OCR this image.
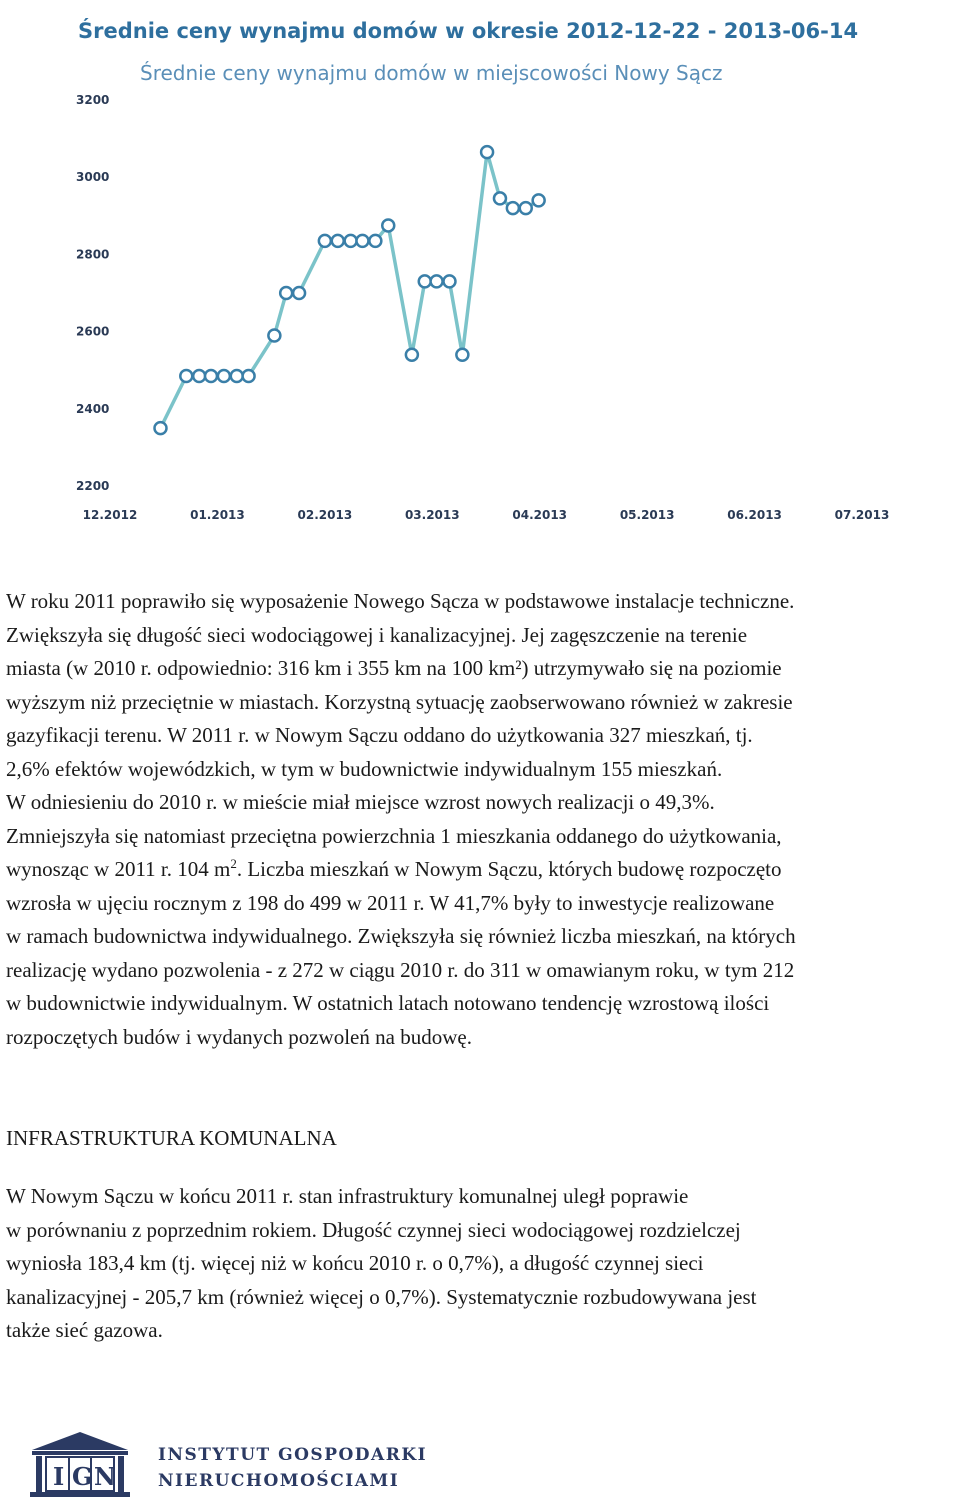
Średnie ceny wynajmu domów w okresie 2012-12-22 - 2013-06-14
Średnie ceny wynajmu domów w miejscowości Nowy Sącz
3200
3000
2800
2600
2400
2200
12.2012	01.2013	02.2013	03.2013	04.2013	05.2013	06.2013	07.2013
W roku 2011 poprawiło się wyposażenie Nowego Sącza w podstawowe instalacje techniczne.
Zwiększyła się długość sieci wodociągowej i kanalizacyjnej. Jej zagęszczenie na terenie
miasta (w 2010 r. odpowiednio: 316 km i 355 km na 100 km²) utrzymywało się na poziomie
wyższym niż przeciętnie w miastach. Korzystną sytuację zaobserwowano również w zakresie
gazyfikacji terenu. W 2011 r. w Nowym Sączu oddano do użytkowania 327 mieszkań, tj.
2,6% efektów wojewódzkich, w tym w budownictwie indywidualnym 155 mieszkań.
W odniesieniu do 2010 r. w mieście miał miejsce wzrost nowych realizacji o 49,3%.
Zmniejszyła się natomiast przeciętna powierzchnia 1 mieszkania oddanego do użytkowania,
wynosząc w 2011 r. 104 $m^2$. Liczba mieszkań w Nowym Sączu, których budowę rozpoczęto
wzrosła w ujęciu rocznym z 198 do 499 w 2011 r. W 41,7% były to inwestycje realizowane
w ramach budownictwa indywidualnego. Zwiększyła się również liczba mieszkań, na których
realizację wydano pozwolenia - z 272 w ciągu 2010 r. do 311 w omawianym roku, w tym 212
w budownictwie indywidualnym. W ostatnich latach notowano tendencję wzrostową ilości
rozpoczętych budów i wydanych pozwoleń na budowę.
INFRASTRUKTURA KOMUNALNA
W Nowym Sączu w końcu 2011 r. stan infrastruktury komunalnej uległ poprawie
w porównaniu z poprzednim rokiem. Długość czynnej sieci wodociągowej rozdzielczej
wyniosła 183,4 km (tj. więcej niż w końcu 2010 r. o 0,7%), a długość czynnej sieci
kanalizacyjnej - 205,7 km (również więcej o 0,7%). Systematycznie rozbudowywana jest
także sieć gazowa.
I G N
INSTYTUT GOSPODARKI
NIERUCHOMOŚCIAMI
